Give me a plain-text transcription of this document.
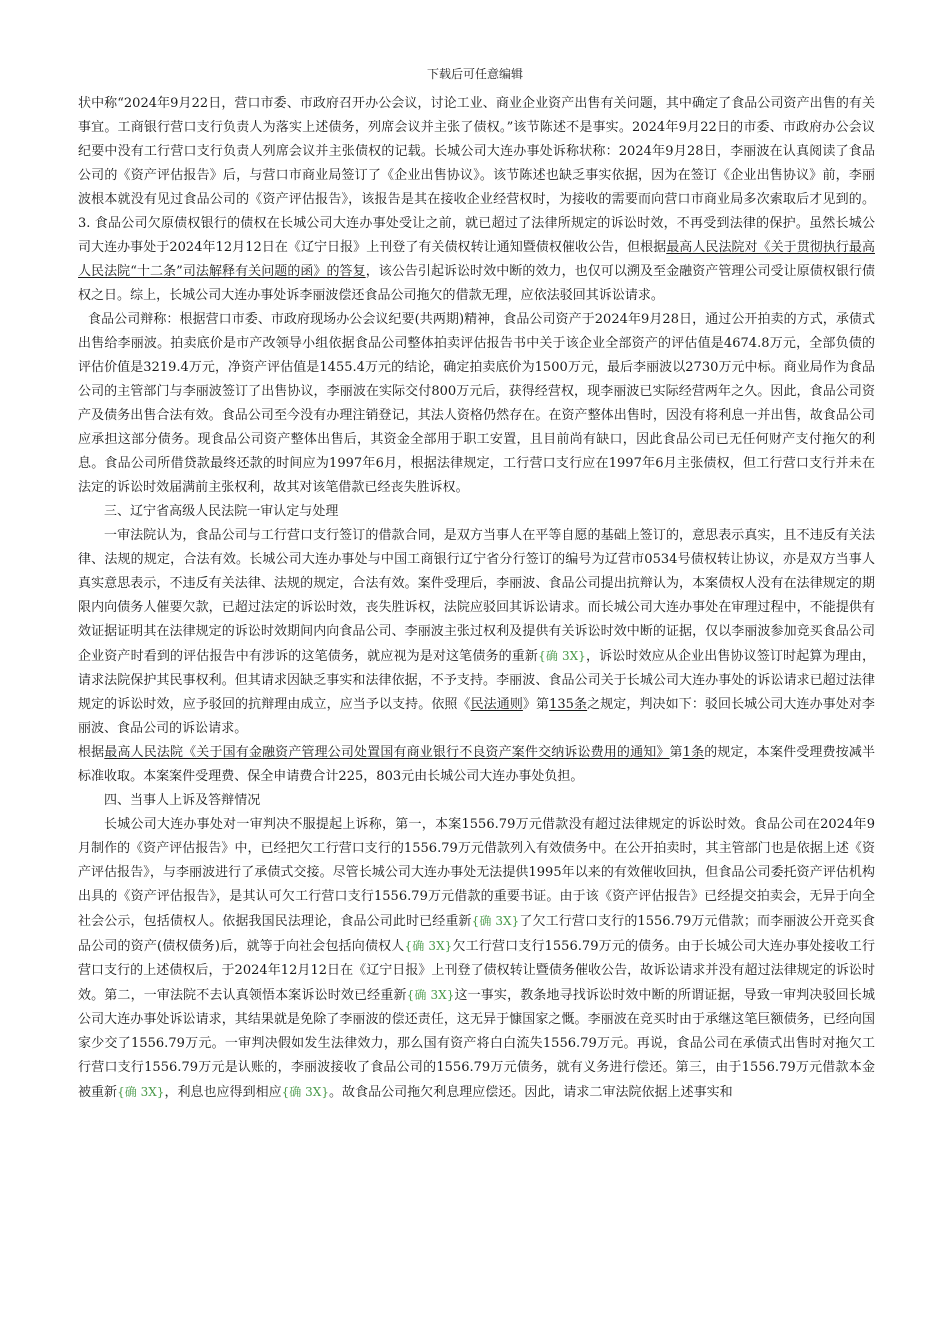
下载后可任意编辑

状中称“2024年9月22日，营口市委、市政府召开办公会议，讨论工业、商业企业资产出售有关问题，其中确定了食品公司资产出售的有关事宜。工商银行营口支行负责人为落实上述债务，列席会议并主张了债权。”该节陈述不是事实。2024年9月22日的市委、市政府办公会议纪要中没有工行营口支行负责人列席会议并主张债权的记载。长城公司大连办事处诉称状称：2024年9月28日，李丽波在认真阅读了食品公司的《资产评估报告》后，与营口市商业局签订了《企业出售协议》。该节陈述也缺乏事实依据，因为在签订《企业出售协议》前，李丽波根本就没有见过食品公司的《资产评估报告》，该报告是其在接收企业经营权时，为接收的需要而向营口市商业局多次索取后才见到的。3. 食品公司欠原债权银行的债权在长城公司大连办事处受让之前，就已超过了法律所规定的诉讼时效，不再受到法律的保护。虽然长城公司大连办事处于2024年12月12日在《辽宁日报》上刊登了有关债权转让通知暨债权催收公告，但根据最高人民法院对《关于贯彻执行最高人民法院“十二条”司法解释有关问题的函》的答复，该公告引起诉讼时效中断的效力，也仅可以溯及至金融资产管理公司受让原债权银行债权之日。综上，长城公司大连办事处诉李丽波偿还食品公司拖欠的借款无理，应依法驳回其诉讼请求。

食品公司辩称：根据营口市委、市政府现场办公会议纪要(共两期)精神，食品公司资产于2024年9月28日，通过公开拍卖的方式，承债式出售给李丽波。拍卖底价是市产改领导小组依据食品公司整体拍卖评估报告书中关于该企业全部资产的评估值是4674.8万元，全部负债的评估价值是3219.4万元，净资产评估值是1455.4万元的结论，确定拍卖底价为1500万元，最后李丽波以2730万元中标。商业局作为食品公司的主管部门与李丽波签订了出售协议，李丽波在实际交付800万元后，获得经营权，现李丽波已实际经营两年之久。因此，食品公司资产及债务出售合法有效。食品公司至今没有办理注销登记，其法人资格仍然存在。在资产整体出售时，因没有将利息一并出售，故食品公司应承担这部分债务。现食品公司资产整体出售后，其资金全部用于职工安置，且目前尚有缺口，因此食品公司已无任何财产支付拖欠的利息。食品公司所借贷款最终还款的时间应为1997年6月，根据法律规定，工行营口支行应在1997年6月主张债权，但工行营口支行并未在法定的诉讼时效届满前主张权利，故其对该笔借款已经丧失胜诉权。

三、辽宁省高级人民法院一审认定与处理

一审法院认为，食品公司与工行营口支行签订的借款合同，是双方当事人在平等自愿的基础上签订的，意思表示真实，且不违反有关法律、法规的规定，合法有效。长城公司大连办事处与中国工商银行辽宁省分行签订的编号为辽营市0534号债权转让协议，亦是双方当事人真实意思表示，不违反有关法律、法规的规定，合法有效。案件受理后，李丽波、食品公司提出抗辩认为，本案债权人没有在法律规定的期限内向债务人催要欠款，已超过法定的诉讼时效，丧失胜诉权，法院应驳回其诉讼请求。而长城公司大连办事处在审理过程中，不能提供有效证据证明其在法律规定的诉讼时效期间内向食品公司、李丽波主张过权利及提供有关诉讼时效中断的证据，仅以李丽波参加竞买食品公司企业资产时看到的评估报告中有涉诉的这笔债务，就应视为是对这笔债务的重新{确 3X}，诉讼时效应从企业出售协议签订时起算为理由，请求法院保护其民事权利。但其请求因缺乏事实和法律依据，不予支持。李丽波、食品公司关于长城公司大连办事处的诉讼请求已超过法律规定的诉讼时效，应予驳回的抗辩理由成立，应当予以支持。依照《民法通则》第135条之规定，判决如下：驳回长城公司大连办事处对李丽波、食品公司的诉讼请求。

根据最高人民法院《关于国有金融资产管理公司处置国有商业银行不良资产案件交纳诉讼费用的通知》第1条的规定，本案件受理费按减半标准收取。本案案件受理费、保全申请费合计225，803元由长城公司大连办事处负担。

四、当事人上诉及答辩情况

长城公司大连办事处对一审判决不服提起上诉称，第一，本案1556.79万元借款没有超过法律规定的诉讼时效。食品公司在2024年9月制作的《资产评估报告》中，已经把欠工行营口支行的1556.79万元借款列入有效债务中。在公开拍卖时，其主管部门也是依据上述《资产评估报告》，与李丽波进行了承债式交接。尽管长城公司大连办事处无法提供1995年以来的有效催收回执，但食品公司委托资产评估机构出具的《资产评估报告》，是其认可欠工行营口支行1556.79万元借款的重要书证。由于该《资产评估报告》已经提交拍卖会，无异于向全社会公示，包括债权人。依据我国民法理论，食品公司此时已经重新{确 3X}了欠工行营口支行的1556.79万元借款；而李丽波公开竞买食品公司的资产(债权债务)后，就等于向社会包括向债权人{确 3X}欠工行营口支行1556.79万元的债务。由于长城公司大连办事处接收工行营口支行的上述债权后，于2024年12月12日在《辽宁日报》上刊登了债权转让暨债务催收公告，故诉讼请求并没有超过法律规定的诉讼时效。第二，一审法院不去认真领悟本案诉讼时效已经重新{确 3X}这一事实，教条地寻找诉讼时效中断的所谓证据，导致一审判决驳回长城公司大连办事处诉讼请求，其结果就是免除了李丽波的偿还责任，这无异于慷国家之慨。李丽波在竞买时由于承继这笔巨额债务，已经向国家少交了1556.79万元。一审判决假如发生法律效力，那么国有资产将白白流失1556.79万元。再说，食品公司在承债式出售时对拖欠工行营口支行1556.79万元是认账的，李丽波接收了食品公司的1556.79万元债务，就有义务进行偿还。第三，由于1556.79万元借款本金被重新{确 3X}，利息也应得到相应{确 3X}。故食品公司拖欠利息理应偿还。因此，请求二审法院依据上述事实和
